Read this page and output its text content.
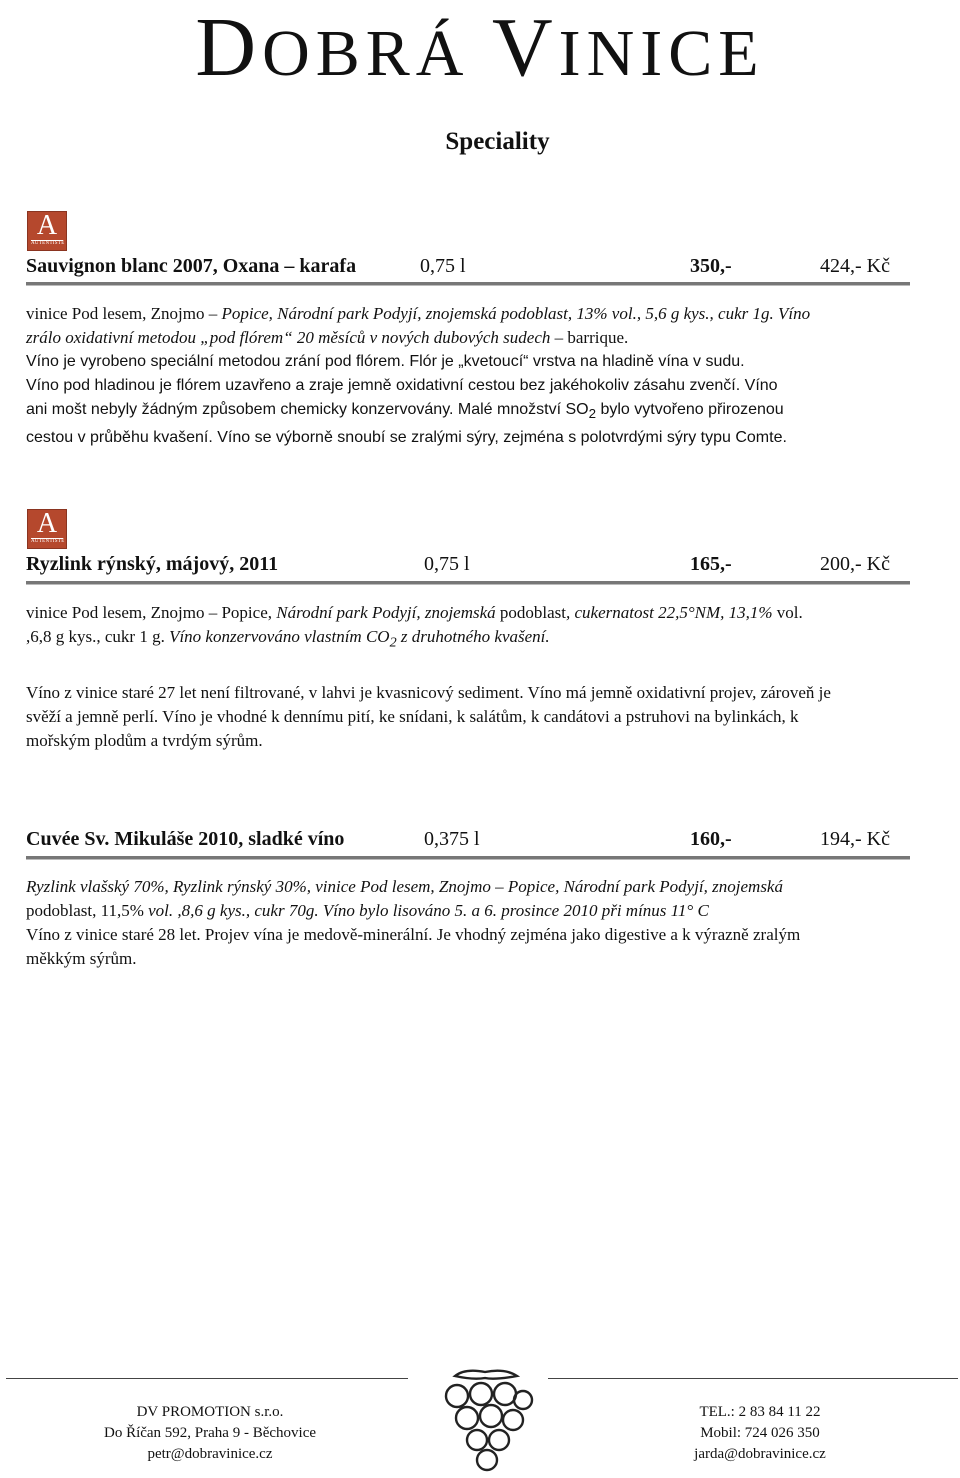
DOBRÁ VINICE
Speciality
A
AUTENTISTE
Sauvignon blanc 2007, Oxana – karafa	0,75 l	350,-	424,- Kč
vinice Pod lesem, Znojmo – Popice, Národní park Podyjí, znojemská podoblast, 13% vol., 5,6 g kys., cukr 1g. Víno
zrálo oxidativní metodou „pod flórem“ 20 měsíců v nových dubových sudech – barrique.
Víno je vyrobeno speciální metodou zrání pod flórem. Flór je „kvetoucí“ vrstva na hladině vína v sudu.
Víno pod hladinou je flórem uzavřeno a zraje jemně oxidativní cestou bez jakéhokoliv zásahu zvenčí. Víno
ani mošt nebyly žádným způsobem chemicky konzervovány. Malé množství $SO_2$ bylo vytvořeno přirozenou
cestou v průběhu kvašení. Víno se výborně snoubí se zralými sýry, zejména s polotvrdými sýry typu Comte.
A
AUTENTISTE
Ryzlink rýnský, májový, 2011	0,75 l	165,-	200,- Kč
vinice Pod lesem, Znojmo – Popice, Národní park Podyjí, znojemská podoblast, cukernatost 22,5°NM, 13,1% vol.
,6,8 g kys., cukr 1 g. Víno konzervováno vlastním $CO_2$ z druhotného kvašení.
Víno z vinice staré 27 let není filtrované, v lahvi je kvasnicový sediment. Víno má jemně oxidativní projev, zároveň je
svěží a jemně perlí. Víno je vhodné k dennímu pití, ke snídani, k salátům, k candátovi a pstruhovi na bylinkách, k
mořským plodům a tvrdým sýrům.
Cuvée Sv. Mikuláše 2010, sladké víno	0,375 l	160,-	194,- Kč
Ryzlink vlašský 70%, Ryzlink rýnský 30%, vinice Pod lesem, Znojmo – Popice, Národní park Podyjí, znojemská
podoblast, 11,5% vol. ,8,6 g kys., cukr 70g. Víno bylo lisováno 5. a 6. prosince 2010 při mínus 11° C
Víno z vinice staré 28 let. Projev vína je medově-minerální. Je vhodný zejména jako digestive a k výrazně zralým
měkkým sýrům.
DV PROMOTION s.r.o.
Do Říčan 592, Praha 9 - Běchovice
petr@dobravinice.cz
TEL.: 2 83 84 11 22
Mobil: 724 026 350
jarda@dobravinice.cz
